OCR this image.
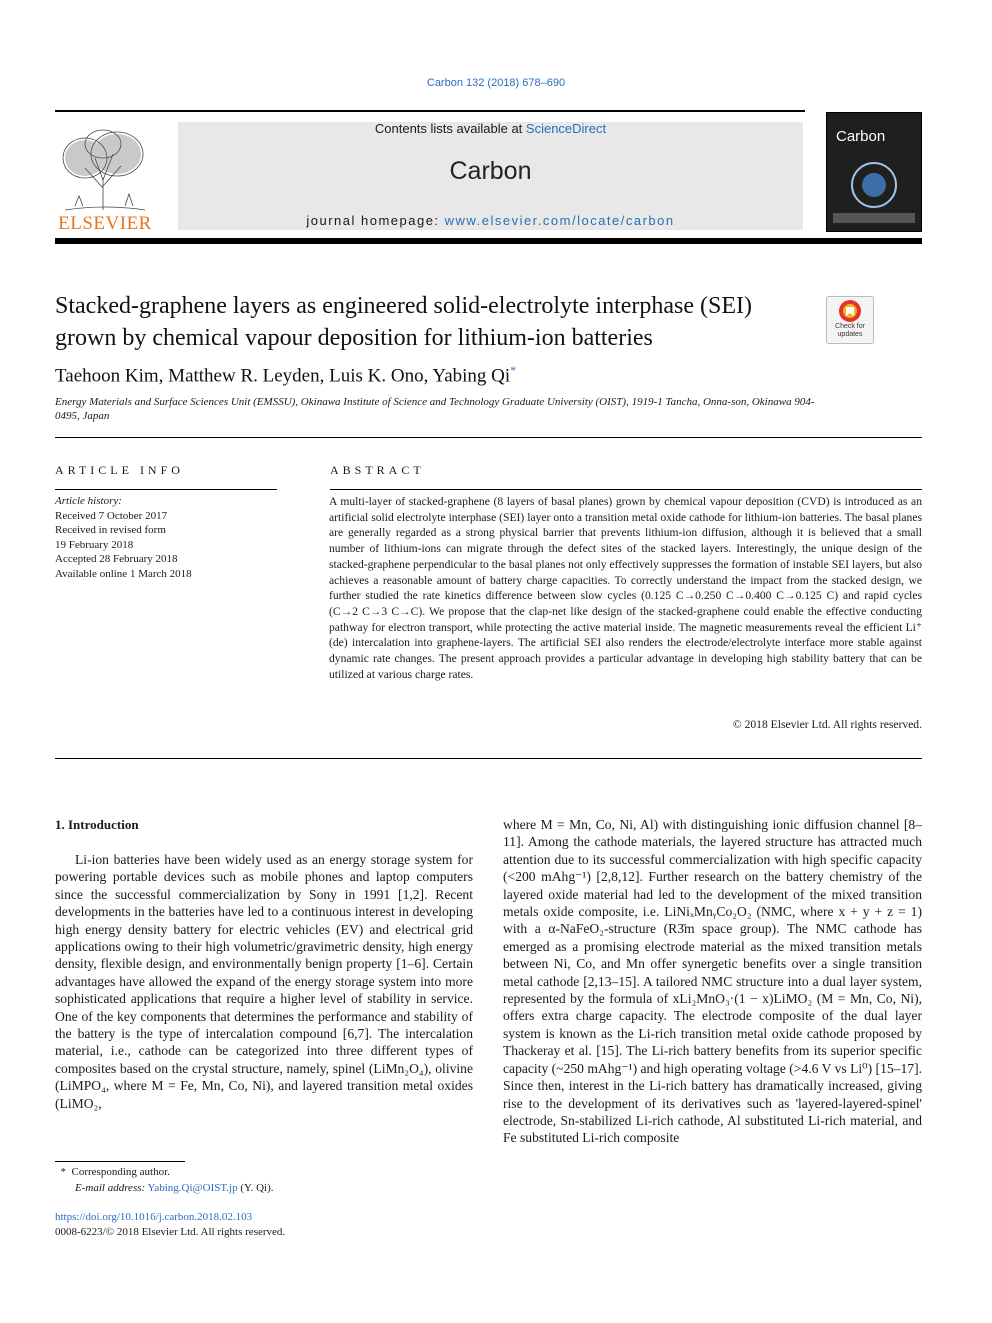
Carbon 132 (2018) 678–690
ELSEVIER
Contents lists available at ScienceDirect
Carbon
journal homepage: www.elsevier.com/locate/carbon
Carbon
Stacked-graphene layers as engineered solid-electrolyte interphase (SEI) grown by chemical vapour deposition for lithium-ion batteries	Check for
updates
Taehoon Kim, Matthew R. Leyden, Luis K. Ono, Yabing Qi*
Energy Materials and Surface Sciences Unit (EMSSU), Okinawa Institute of Science and Technology Graduate University (OIST), 1919-1 Tancha, Onna-son, Okinawa 904-0495, Japan
ARTICLE INFO
Article history:
Received 7 October 2017
Received in revised form
19 February 2018
Accepted 28 February 2018
Available online 1 March 2018
ABSTRACT
A multi-layer of stacked-graphene (8 layers of basal planes) grown by chemical vapour deposition (CVD) is introduced as an artificial solid electrolyte interphase (SEI) layer onto a transition metal oxide cathode for lithium-ion batteries. The basal planes are generally regarded as a strong physical barrier that prevents lithium-ion diffusion, although it is believed that a small number of lithium-ions can migrate through the defect sites of the stacked layers. Interestingly, the unique design of the stacked-graphene perpendicular to the basal planes not only effectively suppresses the formation of instable SEI layers, but also achieves a reasonable amount of battery charge capacities. To correctly understand the impact from the stacked design, we further studied the rate kinetics difference between slow cycles (0.125 C→0.250 C→0.400 C→0.125 C) and rapid cycles (C→2 C→3 C→C). We propose that the clap-net like design of the stacked-graphene could enable the effective conducting pathway for electron transport, while protecting the active material inside. The magnetic measurements reveal the efficient Li⁺ (de) intercalation into graphene-layers. The artificial SEI also renders the electrode/electrolyte interface more stable against dynamic rate changes. The present approach provides a particular advantage in developing high stability battery that can be utilized at various charge rates.
© 2018 Elsevier Ltd. All rights reserved.
1. Introduction
Li-ion batteries have been widely used as an energy storage system for powering portable devices such as mobile phones and laptop computers since the successful commercialization by Sony in 1991 [1,2]. Recent developments in the batteries have led to a continuous interest in developing high energy density battery for electric vehicles (EV) and electrical grid applications owing to their high volumetric/gravimetric density, high energy density, flexible design, and environmentally benign property [1–6]. Certain advantages have allowed the expand of the energy storage system into more sophisticated applications that require a higher level of stability in service. One of the key components that determines the performance and stability of the battery is the type of intercalation compound [6,7]. The intercalation material, i.e., cathode can be categorized into three different types of composites based on the crystal structure, namely, spinel (LiMn₂O₄), olivine (LiMPO₄, where M = Fe, Mn, Co, Ni), and layered transition metal oxides (LiMO₂,
where M = Mn, Co, Ni, Al) with distinguishing ionic diffusion channel [8–11]. Among the cathode materials, the layered structure has attracted much attention due to its successful commercialization with high specific capacity (<200 mAhg⁻¹) [2,8,12]. Further research on the battery chemistry of the layered oxide material had led to the development of the mixed transition metals oxide composite, i.e. LiNiₓMnᵧCo₂O₂ (NMC, where x + y + z = 1) with a α-NaFeO₂-structure (R3̄m space group). The NMC cathode has emerged as a promising electrode material as the mixed transition metals between Ni, Co, and Mn offer synergetic benefits over a single transition metal cathode [2,13–15]. A tailored NMC structure into a dual layer system, represented by the formula of xLi₂MnO₃·(1 − x)LiMO₂ (M = Mn, Co, Ni), offers extra charge capacity. The electrode composite of the dual layer system is known as the Li-rich transition metal oxide cathode proposed by Thackeray et al. [15]. The Li-rich battery benefits from its superior specific capacity (~250 mAhg⁻¹) and high operating voltage (>4.6 V vs Li⁰) [15–17]. Since then, interest in the Li-rich battery has dramatically increased, giving rise to the development of its derivatives such as 'layered-layered-spinel' electrode, Sn-stabilized Li-rich cathode, Al substituted Li-rich material, and Fe substituted Li-rich composite
* Corresponding author.
E-mail address: Yabing.Qi@OIST.jp (Y. Qi).
https://doi.org/10.1016/j.carbon.2018.02.103
0008-6223/© 2018 Elsevier Ltd. All rights reserved.
